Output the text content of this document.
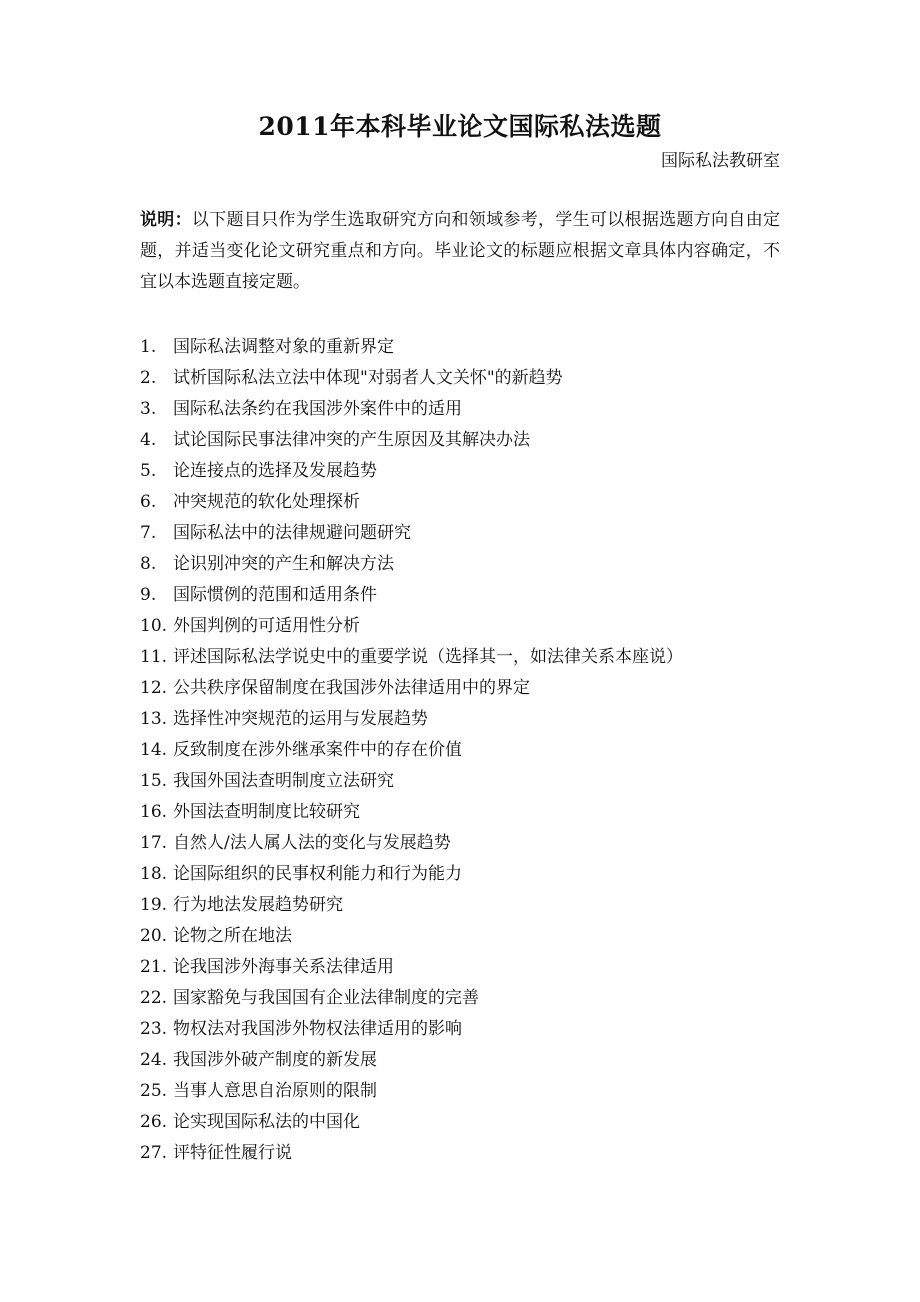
2011年本科毕业论文国际私法选题
国际私法教研室
说明：以下题目只作为学生选取研究方向和领域参考，学生可以根据选题方向自由定题，并适当变化论文研究重点和方向。毕业论文的标题应根据文章具体内容确定，不宜以本选题直接定题。
1. 国际私法调整对象的重新界定
2. 试析国际私法立法中体现"对弱者人文关怀"的新趋势
3. 国际私法条约在我国涉外案件中的适用
4. 试论国际民事法律冲突的产生原因及其解决办法
5. 论连接点的选择及发展趋势
6. 冲突规范的软化处理探析
7. 国际私法中的法律规避问题研究
8. 论识别冲突的产生和解决方法
9. 国际惯例的范围和适用条件
10. 外国判例的可适用性分析
11. 评述国际私法学说史中的重要学说（选择其一，如法律关系本座说）
12. 公共秩序保留制度在我国涉外法律适用中的界定
13. 选择性冲突规范的运用与发展趋势
14. 反致制度在涉外继承案件中的存在价值
15. 我国外国法查明制度立法研究
16. 外国法查明制度比较研究
17. 自然人/法人属人法的变化与发展趋势
18. 论国际组织的民事权利能力和行为能力
19. 行为地法发展趋势研究
20. 论物之所在地法
21. 论我国涉外海事关系法律适用
22. 国家豁免与我国国有企业法律制度的完善
23. 物权法对我国涉外物权法律适用的影响
24. 我国涉外破产制度的新发展
25. 当事人意思自治原则的限制
26. 论实现国际私法的中国化
27. 评特征性履行说
